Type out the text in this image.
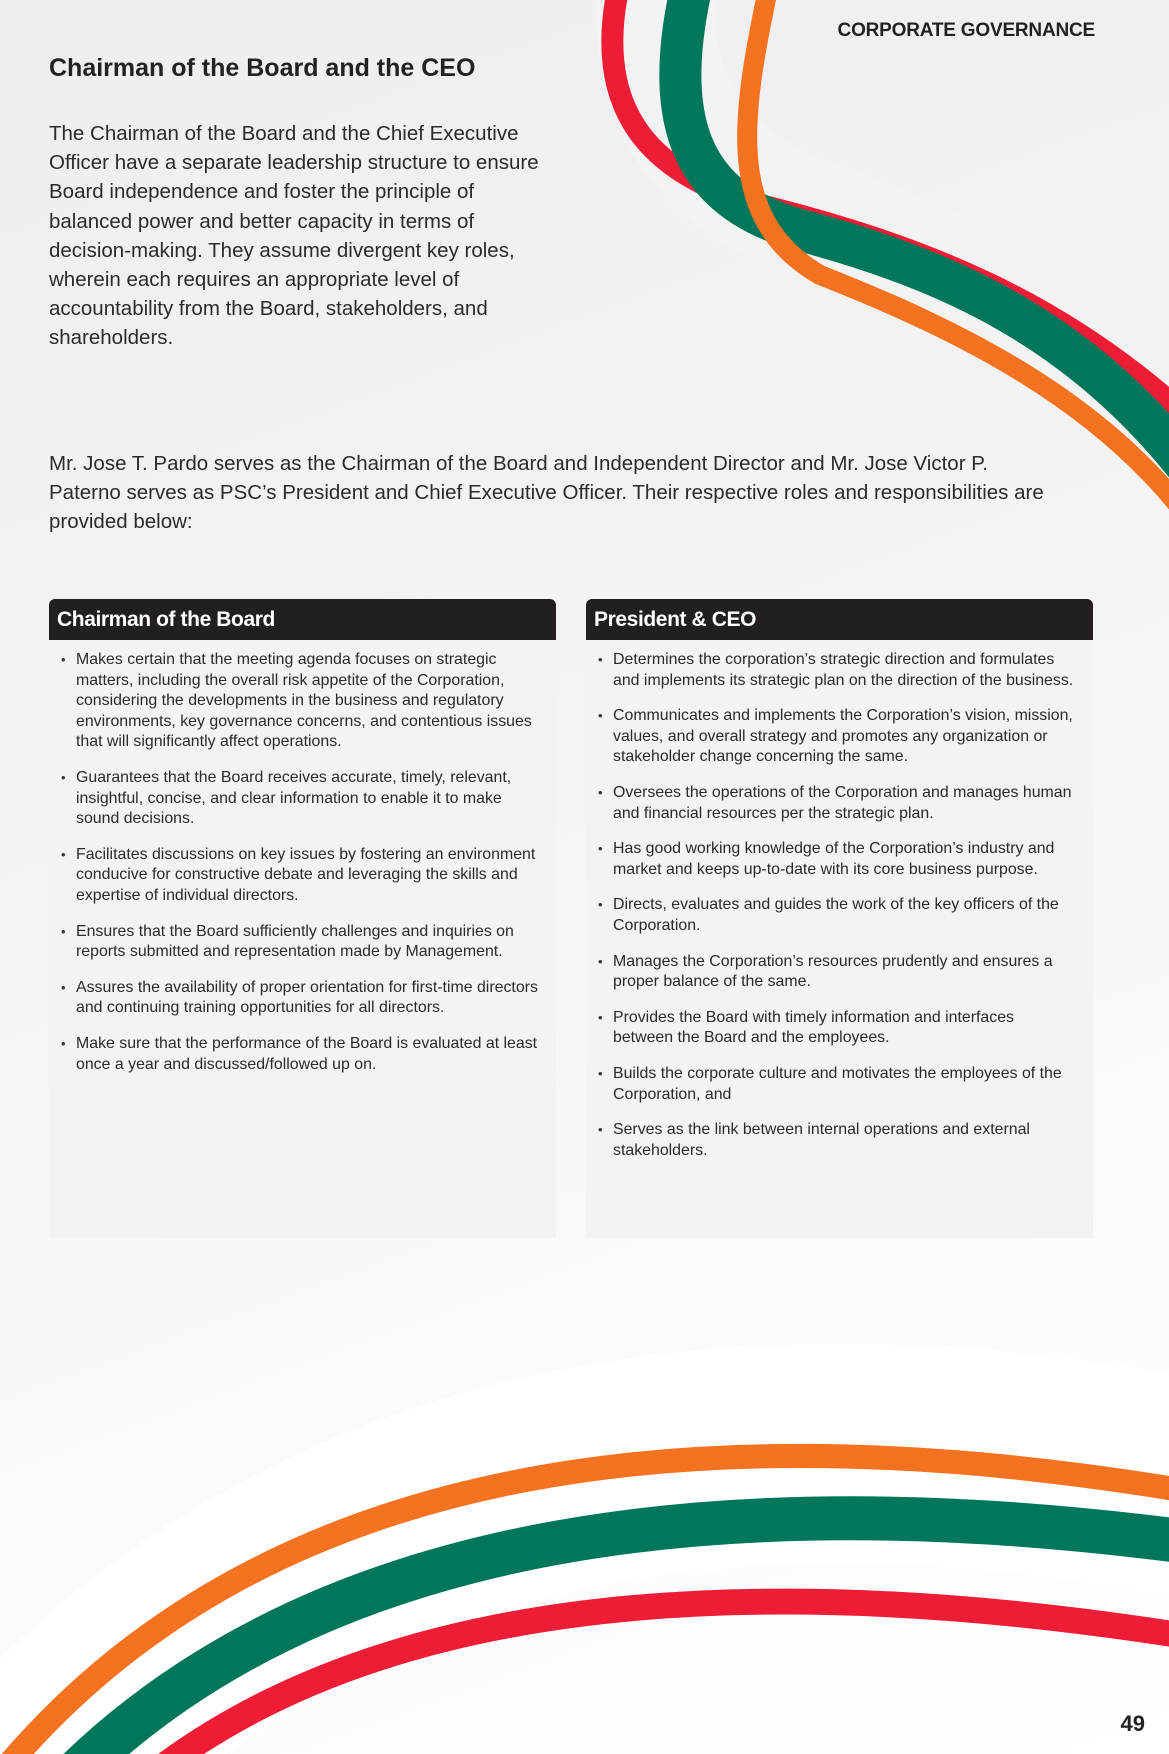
CORPORATE GOVERNANCE
Chairman of the Board and the CEO

The Chairman of the Board and the Chief Executive Officer have a separate leadership structure to ensure Board independence and foster the principle of balanced power and better capacity in terms of decision-making. They assume divergent key roles, wherein each requires an appropriate level of accountability from the Board, stakeholders, and shareholders.

Mr. Jose T. Pardo serves as the Chairman of the Board and Independent Director and Mr. Jose Victor P. Paterno serves as PSC’s President and Chief Executive Officer. Their respective roles and responsibilities are provided below:

Chairman of the Board
• Makes certain that the meeting agenda focuses on strategic matters, including the overall risk appetite of the Corporation, considering the developments in the business and regulatory environments, key governance concerns, and contentious issues that will significantly affect operations.
• Guarantees that the Board receives accurate, timely, relevant, insightful, concise, and clear information to enable it to make sound decisions.
• Facilitates discussions on key issues by fostering an environment conducive for constructive debate and leveraging the skills and expertise of individual directors.
• Ensures that the Board sufficiently challenges and inquiries on reports submitted and representation made by Management.
• Assures the availability of proper orientation for first-time directors and continuing training opportunities for all directors.
• Make sure that the performance of the Board is evaluated at least once a year and discussed/followed up on.
President & CEO
• Determines the corporation’s strategic direction and formulates and implements its strategic plan on the direction of the business.
• Communicates and implements the Corporation’s vision, mission, values, and overall strategy and promotes any organization or stakeholder change concerning the same.
• Oversees the operations of the Corporation and manages human and financial resources per the strategic plan.
• Has good working knowledge of the Corporation’s industry and market and keeps up-to-date with its core business purpose.
• Directs, evaluates and guides the work of the key officers of the Corporation.
• Manages the Corporation’s resources prudently and ensures a proper balance of the same.
• Provides the Board with timely information and interfaces between the Board and the employees.
• Builds the corporate culture and motivates the employees of the Corporation, and
• Serves as the link between internal operations and external stakeholders.
49
